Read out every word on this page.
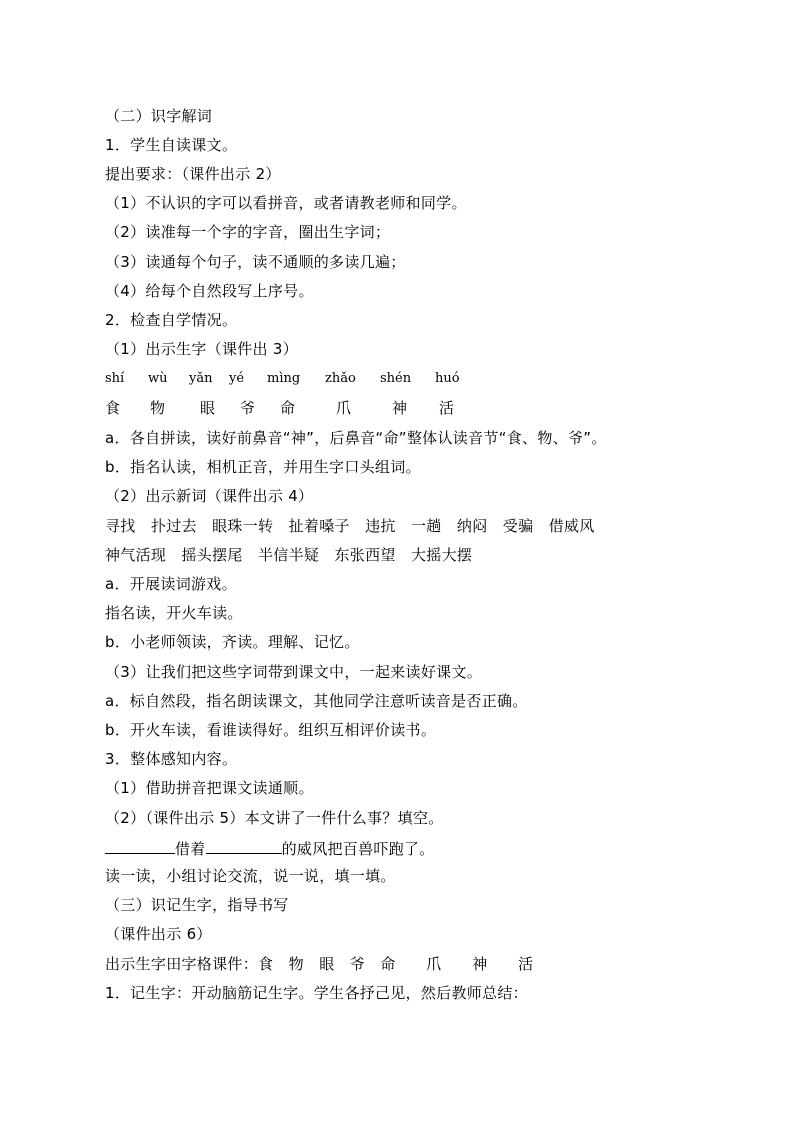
（二）识字解词
1．学生自读课文。
提出要求：（课件出示 2）
（1）不认识的字可以看拼音，或者请教老师和同学。
（2）读准每一个字的字音，圈出生字词；
（3）读通每个句子，读不通顺的多读几遍；
（4）给每个自然段写上序号。
2．检查自学情况。
（1）出示生字（课件出 3）
shí wù yǎn yé mìng zhǎo shén huó
食 物 眼 爷 命	爪	神 活
a．各自拼读，读好前鼻音“神”，后鼻音“命”整体认读音节“食、物、爷”。
b．指名认读，相机正音，并用生字口头组词。
（2）出示新词（课件出示 4）
寻找　扑过去　眼珠一转　扯着嗓子　违抗　一趟　纳闷　受骗　借威风
神气活现　摇头摆尾　半信半疑　东张西望　大摇大摆
a．开展读词游戏。
指名读，开火车读。
b．小老师领读，齐读。理解、记忆。
（3）让我们把这些字词带到课文中，一起来读好课文。
a．标自然段，指名朗读课文，其他同学注意听读音是否正确。
b．开火车读，看谁读得好。组织互相评价读书。
3．整体感知内容。
（1）借助拼音把课文读通顺。
（2）（课件出示 5）本文讲了一件什么事？填空。
借着	的威风把百兽吓跑了。
读一读，小组讨论交流，说一说，填一填。
（三）识记生字，指导书写
（课件出示 6）
出示生字田字格课件：食　物　眼　爷　命　　爪　　神　　活
1．记生字：开动脑筋记生字。学生各抒己见，然后教师总结：
